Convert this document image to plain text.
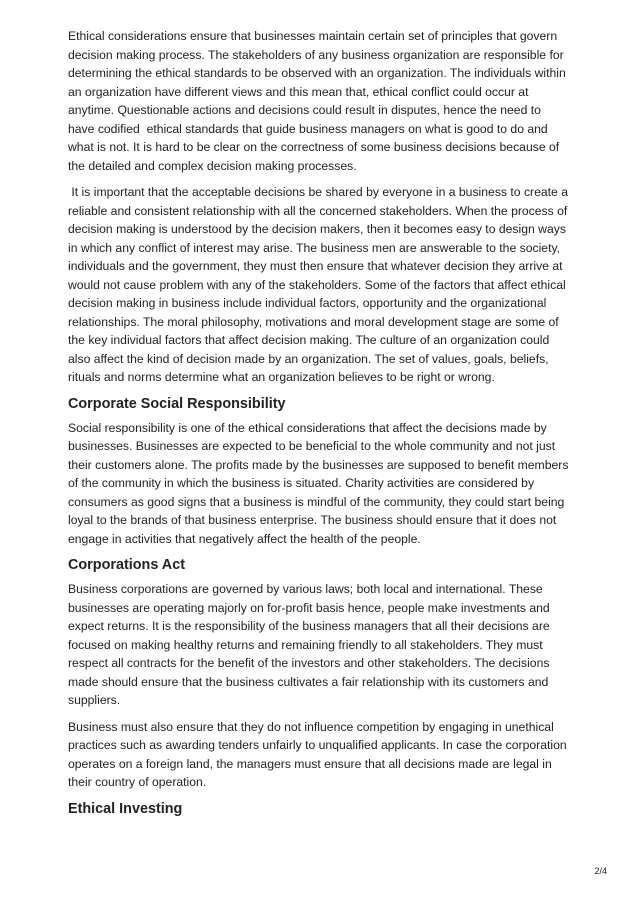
Ethical considerations ensure that businesses maintain certain set of principles that govern decision making process. The stakeholders of any business organization are responsible for determining the ethical standards to be observed with an organization. The individuals within an organization have different views and this mean that, ethical conflict could occur at anytime. Questionable actions and decisions could result in disputes, hence the need to have codified  ethical standards that guide business managers on what is good to do and what is not. It is hard to be clear on the correctness of some business decisions because of the detailed and complex decision making processes.

It is important that the acceptable decisions be shared by everyone in a business to create a reliable and consistent relationship with all the concerned stakeholders. When the process of decision making is understood by the decision makers, then it becomes easy to design ways in which any conflict of interest may arise. The business men are answerable to the society, individuals and the government, they must then ensure that whatever decision they arrive at would not cause problem with any of the stakeholders. Some of the factors that affect ethical decision making in business include individual factors, opportunity and the organizational relationships. The moral philosophy, motivations and moral development stage are some of the key individual factors that affect decision making. The culture of an organization could also affect the kind of decision made by an organization. The set of values, goals, beliefs, rituals and norms determine what an organization believes to be right or wrong.

Corporate Social Responsibility

Social responsibility is one of the ethical considerations that affect the decisions made by businesses. Businesses are expected to be beneficial to the whole community and not just their customers alone. The profits made by the businesses are supposed to benefit members of the community in which the business is situated. Charity activities are considered by consumers as good signs that a business is mindful of the community, they could start being loyal to the brands of that business enterprise. The business should ensure that it does not engage in activities that negatively affect the health of the people.

Corporations Act

Business corporations are governed by various laws; both local and international. These businesses are operating majorly on for-profit basis hence, people make investments and expect returns. It is the responsibility of the business managers that all their decisions are focused on making healthy returns and remaining friendly to all stakeholders. They must respect all contracts for the benefit of the investors and other stakeholders. The decisions made should ensure that the business cultivates a fair relationship with its customers and suppliers.

Business must also ensure that they do not influence competition by engaging in unethical practices such as awarding tenders unfairly to unqualified applicants. In case the corporation operates on a foreign land, the managers must ensure that all decisions made are legal in their country of operation.

Ethical Investing
2/4
